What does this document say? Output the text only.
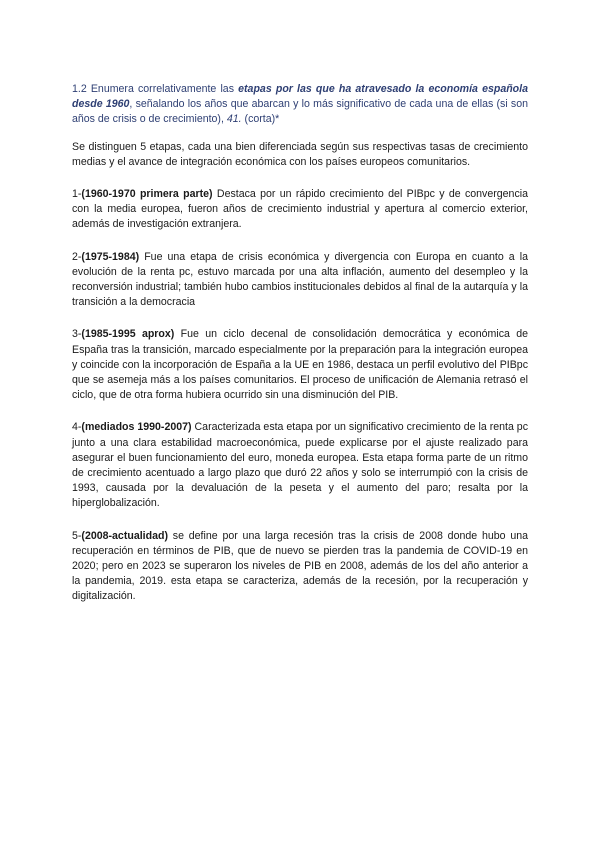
1.2 Enumera correlativamente las etapas por las que ha atravesado la economía española desde 1960, señalando los años que abarcan y lo más significativo de cada una de ellas (si son años de crisis o de crecimiento), 41. (corta)*

Se distinguen 5 etapas, cada una bien diferenciada según sus respectivas tasas de crecimiento medias y el avance de integración económica con los países europeos comunitarios.

1-(1960-1970 primera parte) Destaca por un rápido crecimiento del PIBpc y de convergencia con la media europea, fueron años de crecimiento industrial y apertura al comercio exterior, además de investigación extranjera.

2-(1975-1984) Fue una etapa de crisis económica y divergencia con Europa en cuanto a la evolución de la renta pc, estuvo marcada por una alta inflación, aumento del desempleo y la reconversión industrial; también hubo cambios institucionales debidos al final de la autarquía y la transición a la democracia

3-(1985-1995 aprox) Fue un ciclo decenal de consolidación democrática y económica de España tras la transición, marcado especialmente por la preparación para la integración europea y coincide con la incorporación de España a la UE en 1986, destaca un perfil evolutivo del PIBpc que se asemeja más a los países comunitarios. El proceso de unificación de Alemania retrasó el ciclo, que de otra forma hubiera ocurrido sin una disminución del PIB.

4-(mediados 1990-2007) Caracterizada esta etapa por un significativo crecimiento de la renta pc junto a una clara estabilidad macroeconómica, puede explicarse por el ajuste realizado para asegurar el buen funcionamiento del euro, moneda europea. Esta etapa forma parte de un ritmo de crecimiento acentuado a largo plazo que duró 22 años y solo se interrumpió con la crisis de 1993, causada por la devaluación de la peseta y el aumento del paro; resalta por la hiperglobalización.

5-(2008-actualidad) se define por una larga recesión tras la crisis de 2008 donde hubo una recuperación en términos de PIB, que de nuevo se pierden tras la pandemia de COVID-19 en 2020; pero en 2023 se superaron los niveles de PIB en 2008, además de los del año anterior a la pandemia, 2019. esta etapa se caracteriza, además de la recesión, por la recuperación y digitalización.
